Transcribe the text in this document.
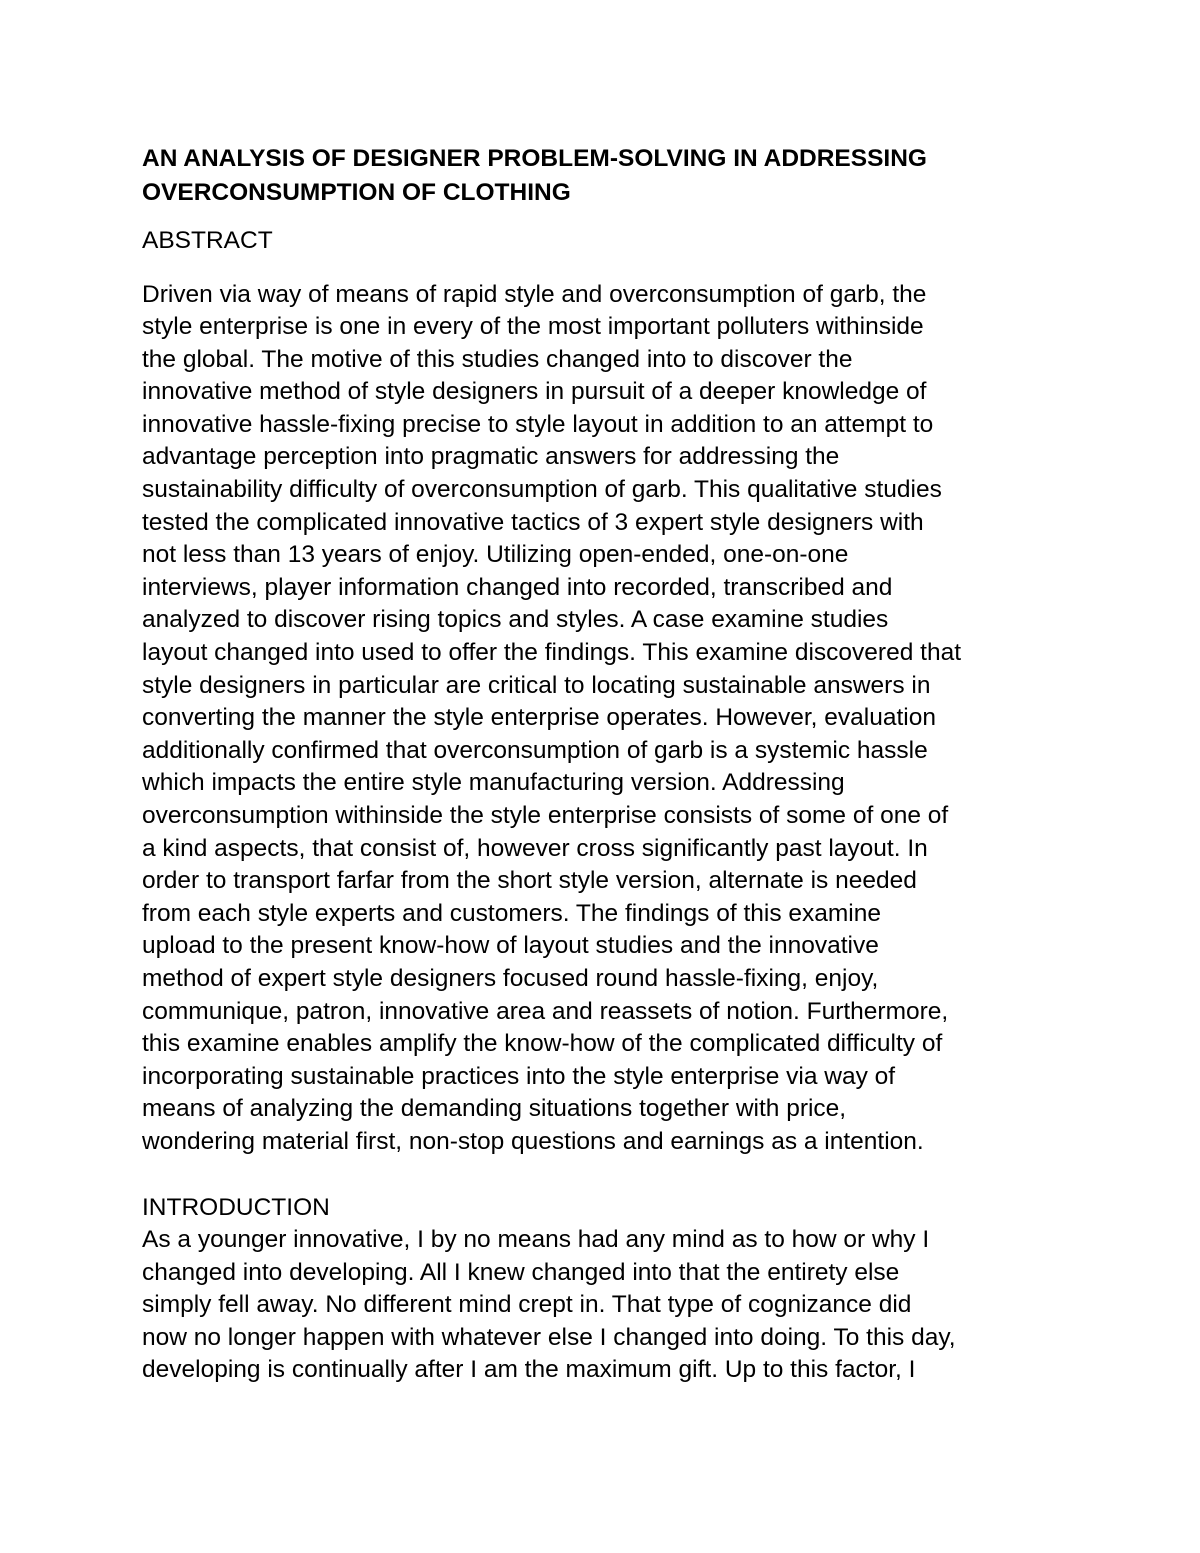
AN ANALYSIS OF DESIGNER PROBLEM-SOLVING IN ADDRESSING

OVERCONSUMPTION OF CLOTHING

ABSTRACT

Driven via way of means of rapid style and overconsumption of garb, the

style enterprise is one in every of the most important polluters withinside

the global. The motive of this studies changed into to discover the

innovative method of style designers in pursuit of a deeper knowledge of

innovative hassle-fixing precise to style layout in addition to an attempt to

advantage perception into pragmatic answers for addressing the

sustainability difficulty of overconsumption of garb. This qualitative studies

tested the complicated innovative tactics of 3 expert style designers with

not less than 13 years of enjoy. Utilizing open-ended, one-on-one

interviews, player information changed into recorded, transcribed and

analyzed to discover rising topics and styles. A case examine studies

layout changed into used to offer the findings. This examine discovered that

style designers in particular are critical to locating sustainable answers in

converting the manner the style enterprise operates. However, evaluation

additionally confirmed that overconsumption of garb is a systemic hassle

which impacts the entire style manufacturing version. Addressing

overconsumption withinside the style enterprise consists of some of one of

a kind aspects, that consist of, however cross significantly past layout. In

order to transport farfar from the short style version, alternate is needed

from each style experts and customers. The findings of this examine

upload to the present know-how of layout studies and the innovative

method of expert style designers focused round hassle-fixing, enjoy,

communique, patron, innovative area and reassets of notion. Furthermore,

this examine enables amplify the know-how of the complicated difficulty of

incorporating sustainable practices into the style enterprise via way of

means of analyzing the demanding situations together with price,

wondering material first, non-stop questions and earnings as a intention.

INTRODUCTION

As a younger innovative, I by no means had any mind as to how or why I

changed into developing. All I knew changed into that the entirety else

simply fell away. No different mind crept in. That type of cognizance did

now no longer happen with whatever else I changed into doing. To this day,

developing is continually after I am the maximum gift. Up to this factor, I
